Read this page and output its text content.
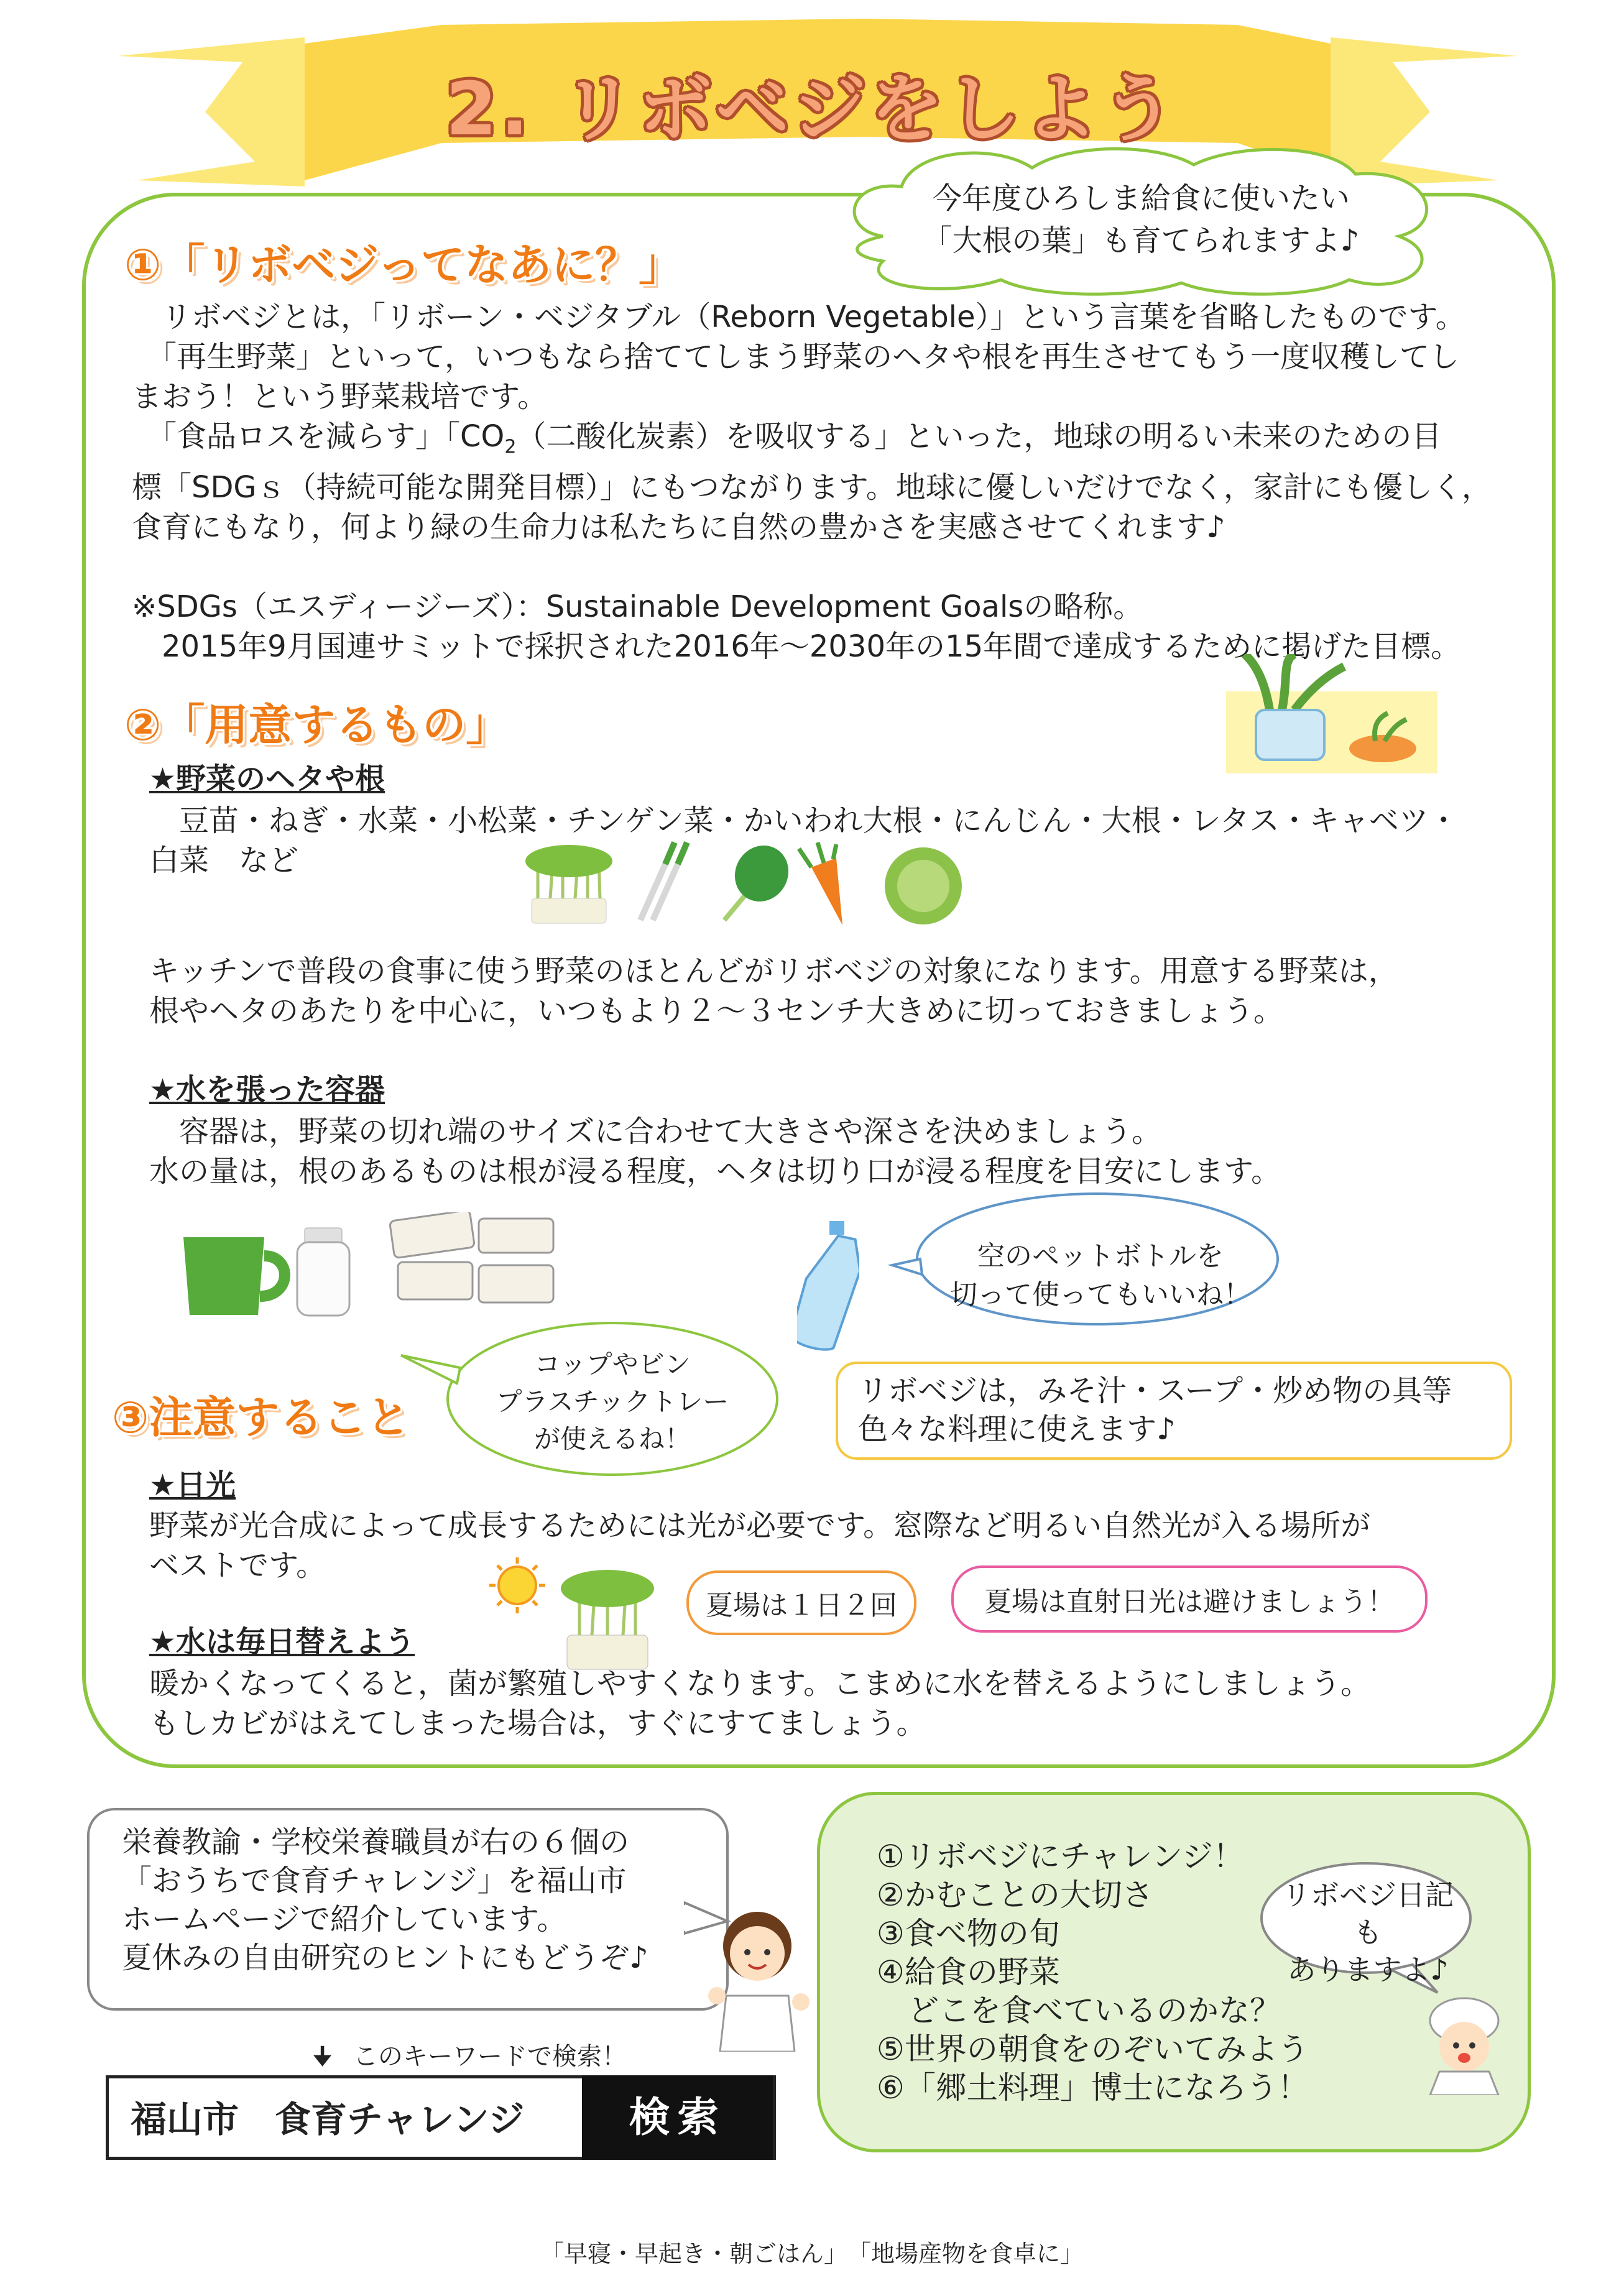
2. リボベジをしよう
今年度ひろしま給食に使いたい
「大根の葉」も育てられますよ♪
①「リボベジってなあに？」
　リボベジとは，「リボーン・ベジタブル（Reborn Vegetable）」という言葉を省略したものです。
　「再生野菜」といって，いつもなら捨ててしまう野菜のヘタや根を再生させてもう一度収穫してし
まおう！という野菜栽培です。
　「食品ロスを減らす」「$CO_2$（二酸化炭素）を吸収する」といった，地球の明るい未来のための目
標「SDGｓ（持続可能な開発目標）」にもつながります。地球に優しいだけでなく，家計にも優しく，
食育にもなり，何より緑の生命力は私たちに自然の豊かさを実感させてくれます♪
※SDGs（エスディージーズ）：Sustainable Development Goalsの略称。
　2015年9月国連サミットで採択された2016年～2030年の15年間で達成するために掲げた目標。
②「用意するもの」
★野菜のヘタや根
　豆苗・ねぎ・水菜・小松菜・チンゲン菜・かいわれ大根・にんじん・大根・レタス・キャベツ・
白菜　など
キッチンで普段の食事に使う野菜のほとんどがリボベジの対象になります。用意する野菜は，
根やヘタのあたりを中心に，いつもより２～３センチ大きめに切っておきましょう。
★水を張った容器
　容器は，野菜の切れ端のサイズに合わせて大きさや深さを決めましょう。
水の量は，根のあるものは根が浸る程度，ヘタは切り口が浸る程度を目安にします。
空のペットボトルを
切って使ってもいいね！
コップやビン
プラスチックトレー
が使えるね！
③注意すること
リボベジは，みそ汁・スープ・炒め物の具等
色々な料理に使えます♪
★日光
野菜が光合成によって成長するためには光が必要です。窓際など明るい自然光が入る場所が
ベストです。
夏場は１日２回	夏場は直射日光は避けましょう！
★水は毎日替えよう
暖かくなってくると，菌が繁殖しやすくなります。こまめに水を替えるようにしましょう。
もしカビがはえてしまった場合は，すぐにすてましょう。
栄養教諭・学校栄養職員が右の６個の
「おうちで食育チャレンジ」を福山市
ホームページで紹介しています。
夏休みの自由研究のヒントにもどうぞ♪
🠋 このキーワードで検索！
福山市　食育チャレンジ	検索
①リボベジにチャレンジ！
②かむことの大切さ
③食べ物の旬
④給食の野菜
　どこを食べているのかな？
⑤世界の朝食をのぞいてみよう
⑥「郷土料理」博士になろう！
リボベジ日記も
ありますよ♪
「早寝・早起き・朝ごはん」　「地場産物を食卓に」
